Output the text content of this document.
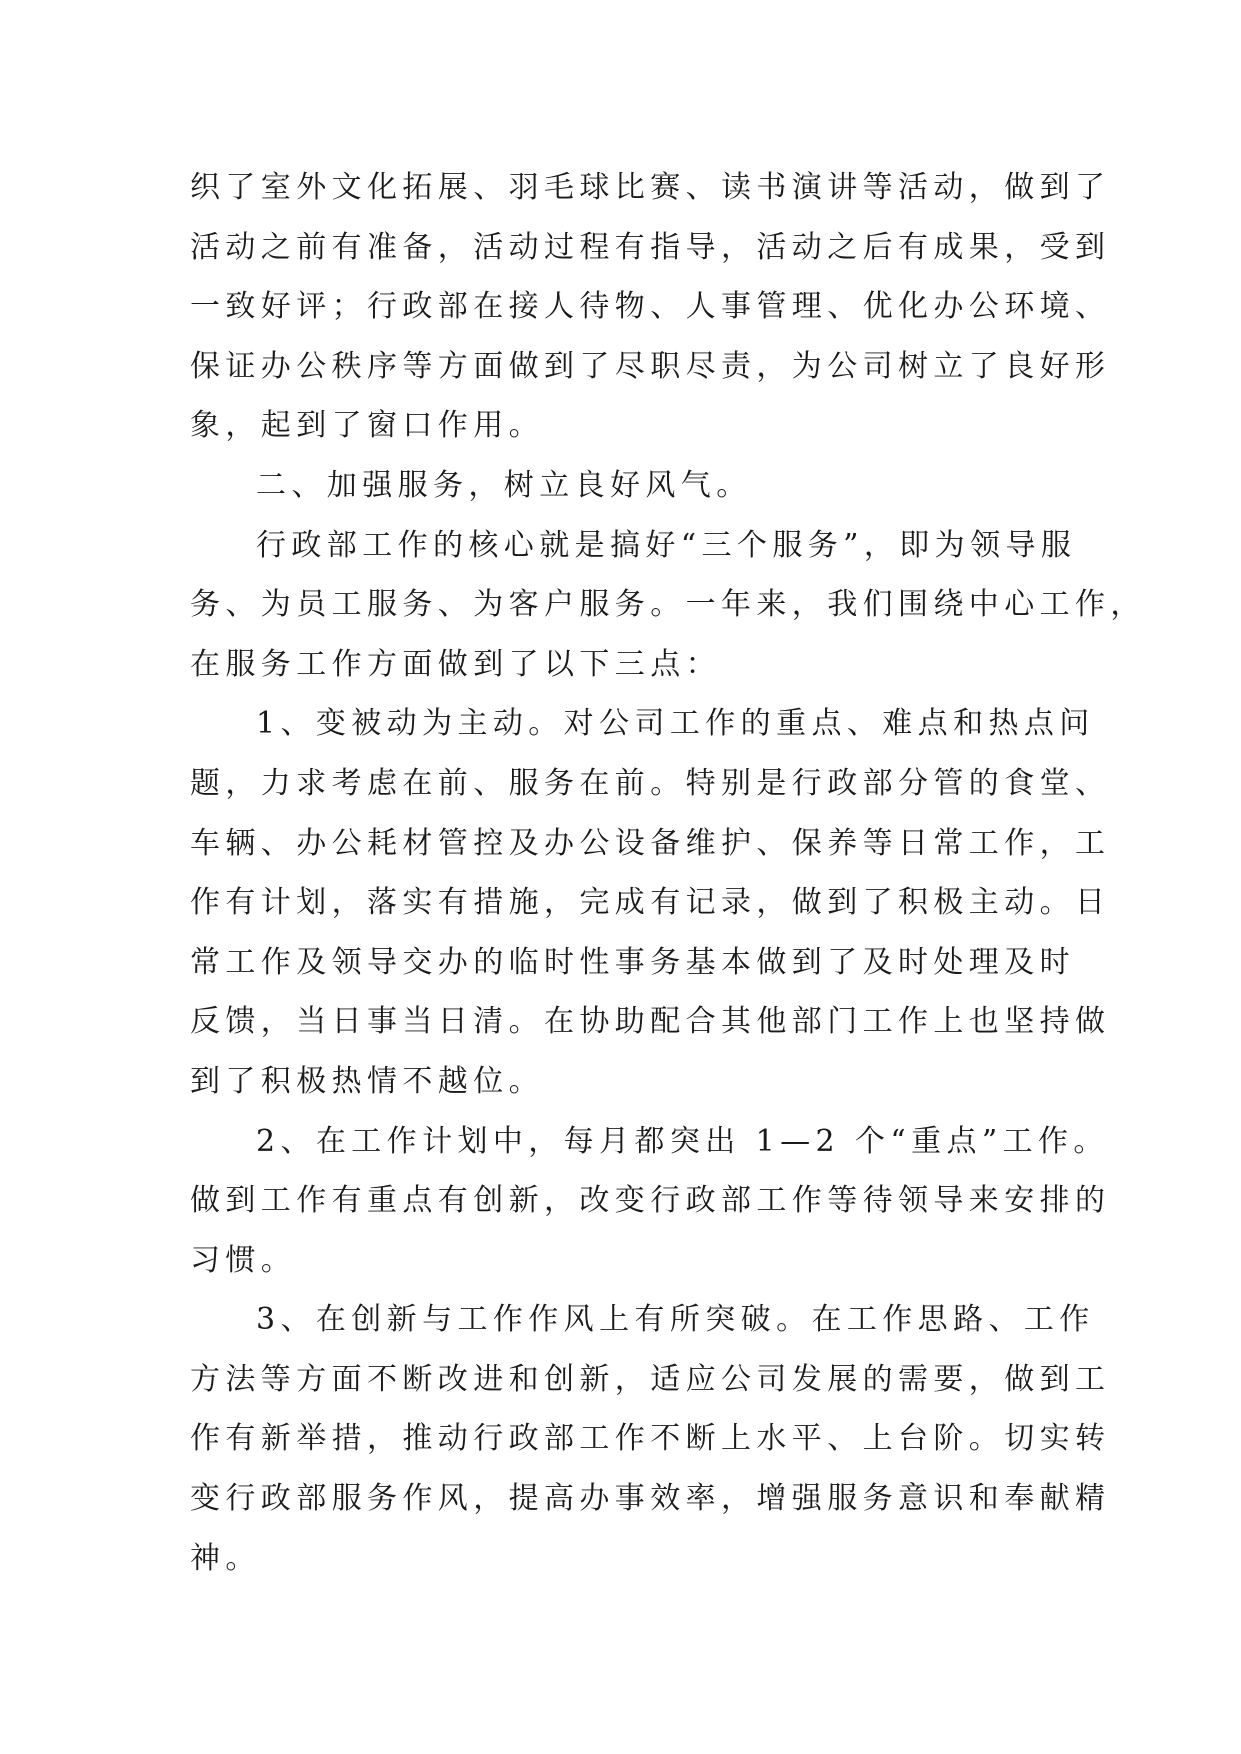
织了室外文化拓展、羽毛球比赛、读书演讲等活动，做到了
活动之前有准备，活动过程有指导，活动之后有成果，受到
一致好评；行政部在接人待物、人事管理、优化办公环境、
保证办公秩序等方面做到了尽职尽责，为公司树立了良好形
象，起到了窗口作用。
二、加强服务，树立良好风气。
行政部工作的核心就是搞好“三个服务”，即为领导服
务、为员工服务、为客户服务。一年来，我们围绕中心工作，
在服务工作方面做到了以下三点：
1、变被动为主动。对公司工作的重点、难点和热点问
题，力求考虑在前、服务在前。特别是行政部分管的食堂、
车辆、办公耗材管控及办公设备维护、保养等日常工作，工
作有计划，落实有措施，完成有记录，做到了积极主动。日
常工作及领导交办的临时性事务基本做到了及时处理及时
反馈，当日事当日清。在协助配合其他部门工作上也坚持做
到了积极热情不越位。
2、在工作计划中，每月都突出 1—2 个“重点”工作。
做到工作有重点有创新，改变行政部工作等待领导来安排的
习惯。
3、在创新与工作作风上有所突破。在工作思路、工作
方法等方面不断改进和创新，适应公司发展的需要，做到工
作有新举措，推动行政部工作不断上水平、上台阶。切实转
变行政部服务作风，提高办事效率，增强服务意识和奉献精
神。
